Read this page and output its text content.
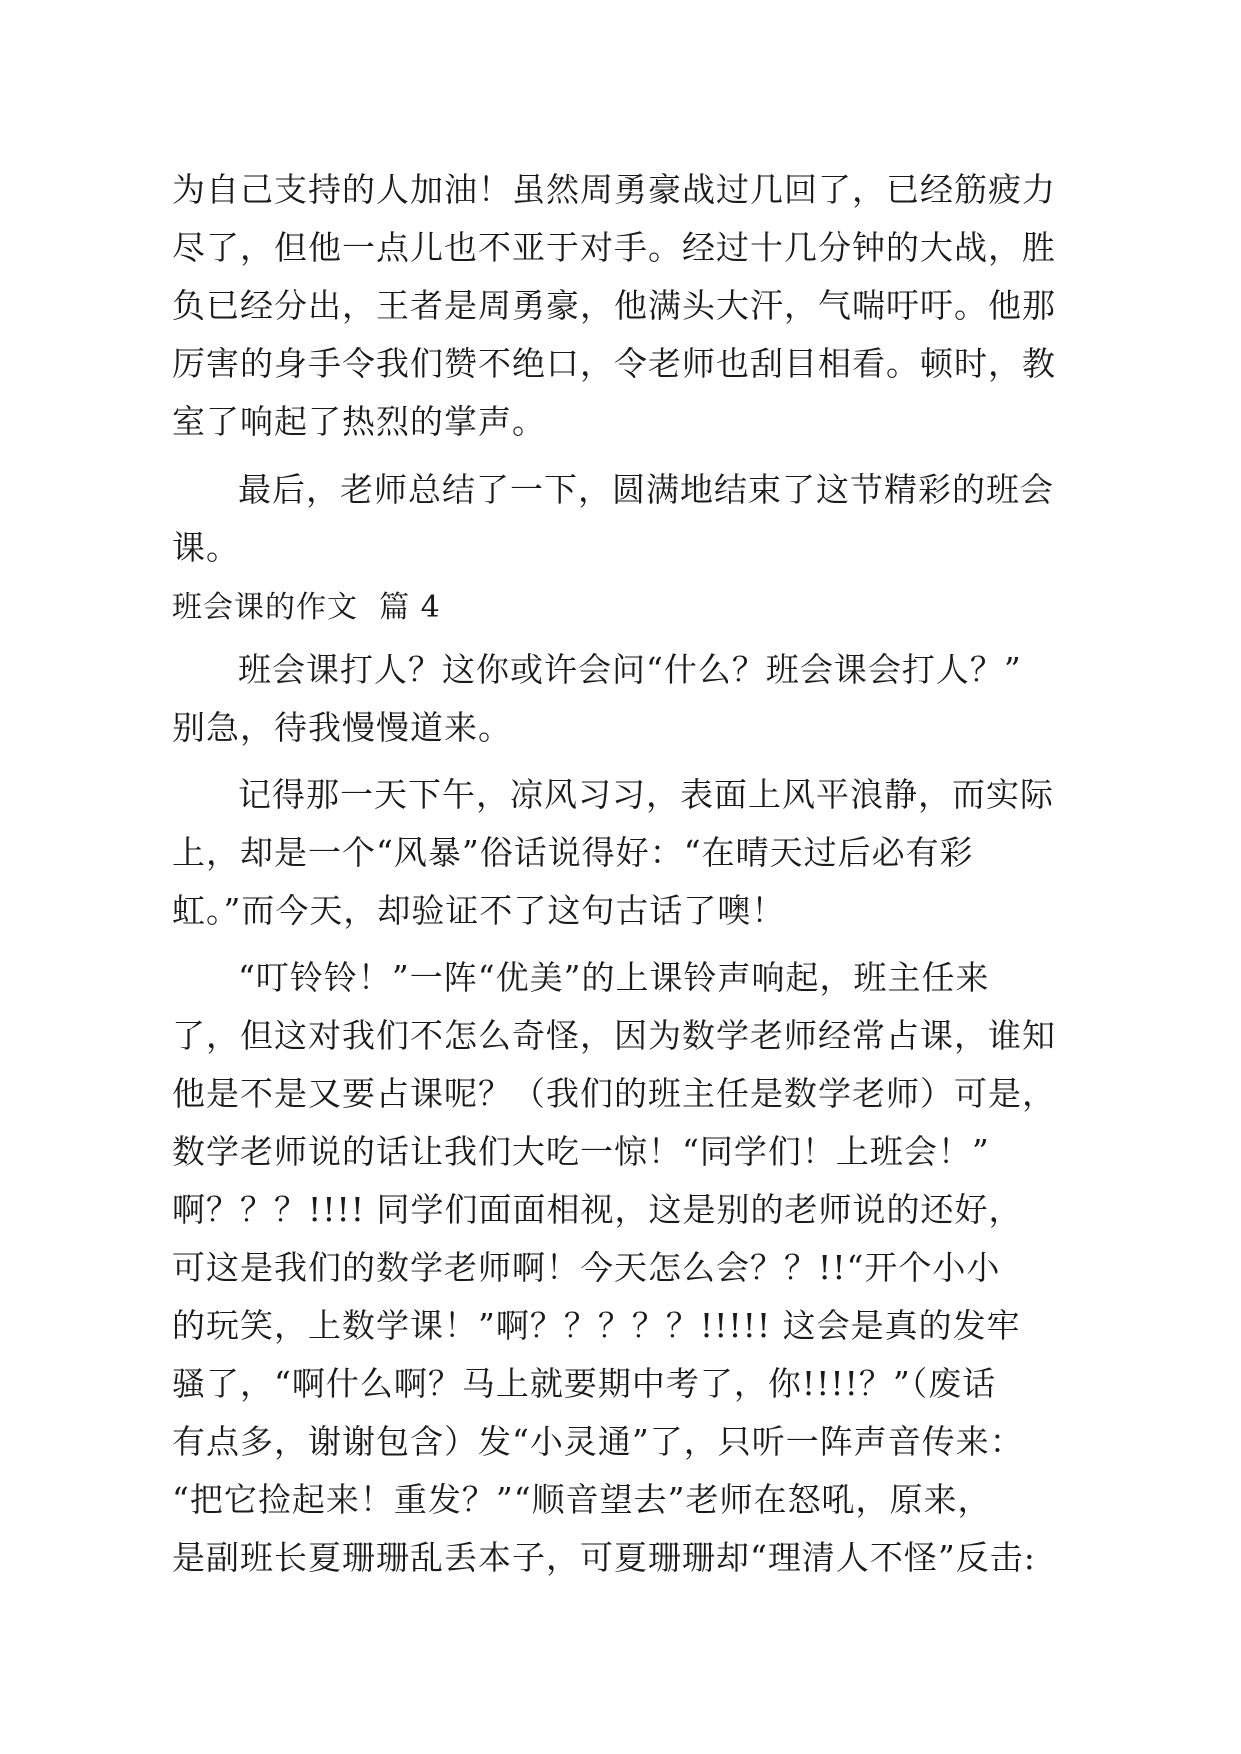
为自己支持的人加油！虽然周勇豪战过几回了，已经筋疲力
尽了，但他一点儿也不亚于对手。经过十几分钟的大战，胜
负已经分出，王者是周勇豪，他满头大汗，气喘吁吁。他那
厉害的身手令我们赞不绝口，令老师也刮目相看。顿时，教
室了响起了热烈的掌声。
最后，老师总结了一下，圆满地结束了这节精彩的班会
课。
班会课的作文  篇 4
班会课打人？这你或许会问“什么？班会课会打人？”
别急，待我慢慢道来。
记得那一天下午，凉风习习，表面上风平浪静，而实际
上，却是一个“风暴”俗话说得好：“在晴天过后必有彩
虹。”而今天，却验证不了这句古话了噢！
“叮铃铃！”一阵“优美”的上课铃声响起，班主任来
了，但这对我们不怎么奇怪，因为数学老师经常占课，谁知
他是不是又要占课呢？（我们的班主任是数学老师）可是，
数学老师说的话让我们大吃一惊！“同学们！上班会！”
啊？？？!!!! 同学们面面相视，这是别的老师说的还好，
可这是我们的数学老师啊！今天怎么会？？!!“开个小小
的玩笑，上数学课！”啊？？？？？!!!!! 这会是真的发牢
骚了，“啊什么啊？马上就要期中考了，你!!!!？”（废话
有点多，谢谢包含）发“小灵通”了，只听一阵声音传来：
“把它捡起来！重发？”“顺音望去”老师在怒吼，原来，
是副班长夏珊珊乱丢本子，可夏珊珊却“理清人不怪”反击:
